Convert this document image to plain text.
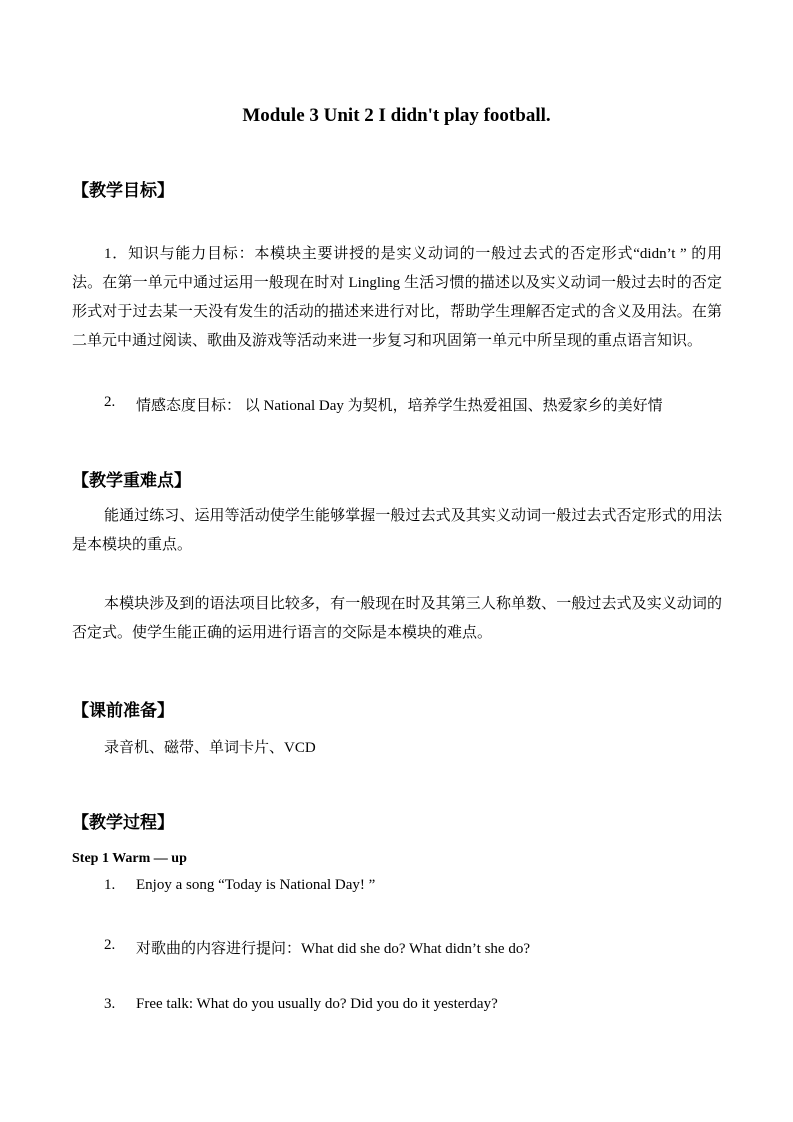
Module 3 Unit 2 I didn't play football.
【教学目标】
1．知识与能力目标：本模块主要讲授的是实义动词的一般过去式的否定形式“didn’t ” 的用法。在第一单元中通过运用一般现在时对 Lingling 生活习惯的描述以及实义动词一般过去时的否定形式对于过去某一天没有发生的活动的描述来进行对比，帮助学生理解否定式的含义及用法。在第二单元中通过阅读、歌曲及游戏等活动来进一步复习和巩固第一单元中所呈现的重点语言知识。
2. 情感态度目标： 以 National Day 为契机，培养学生热爱祖国、热爱家乡的美好情
【教学重难点】
能通过练习、运用等活动使学生能够掌握一般过去式及其实义动词一般过去式否定形式的用法是本模块的重点。
本模块涉及到的语法项目比较多，有一般现在时及其第三人称单数、一般过去式及实义动词的否定式。使学生能正确的运用进行语言的交际是本模块的难点。
【课前准备】
录音机、磁带、单词卡片、VCD
【教学过程】
Step 1 Warm — up
1. Enjoy a song “Today is National Day! ”
2. 对歌曲的内容进行提问：What did she do? What didn’t she do?
3. Free talk: What do you usually do? Did you do it yesterday?
